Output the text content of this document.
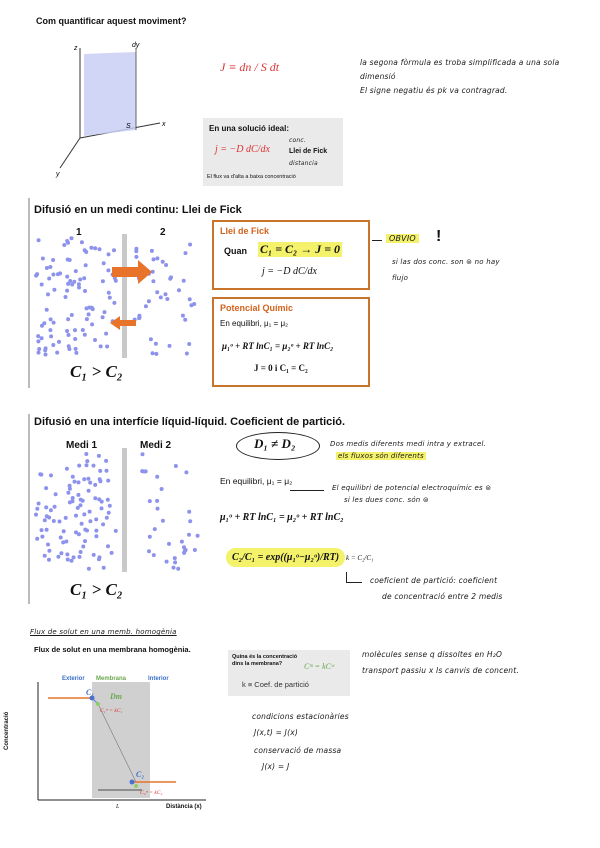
Com quantificar aquest moviment?
z
x
y
dy
S
J ≡ dn / S dt
En una solució ideal:
j = −D dC/dx
conc.
Llei de Fick
distancia
El flux va d'alta a baixa concentració
la segona fòrmula es troba simplificada a una sola dimensió
El signe negatiu és pk va contragrad.
Difusió en un medi continu: Llei de Fick
1	2
C₁ > C₂
Llei de Fick
Quan C₁ = C₂ → J = 0
j = −D dC/dx
Potencial Químic
En equilibri, μ₁ = μ₂
μ₁ᵒ + RT lnC₁ = μ₂ᵒ + RT lnC₂
J = 0 i C₁ = C₂
OBVIO !
si las dos conc. son ⊜ no hay
flujo
Difusió en una interfície líquid-líquid. Coeficient de partició.
Medi 1	Medi 2
C₁ > C₂
D₁ ≠ D₂	Dos medis diferents medi intra y extracel.
els fluxos són diferents
En equilibri, μ₁ = μ₂
El equilibri de potencial electroquímic es ⊜
si les dues conc. són ⊜
μ₁ᵒ + RT lnC₁ = μ₂ᵒ + RT lnC₂
C₂/C₁ = exp((μ₁ᵒ−μ₂ᵒ)/RT) k = C₂/C₁
coeficient de partició: coeficient
de concentració entre 2 medis
Flux de solut en una memb. homogènia
Flux de solut en una membrana homogènia.
Exterior Membrana	Interior
Dm
C₁
C₁ᵐ = kC₁
C₂
C₂ᵐ = kC₂
Concentració
Distància (x)
L
Quina és la concentració dins la membrana?	Cᵐ = kCʷ
k ≡ Coef. de partició
molècules sense q dissoltes en H₂O
transport passiu x ls canvis de concent.
condicions estacionàries
J(x,t) = J(x)
conservació de massa
J(x) = J
